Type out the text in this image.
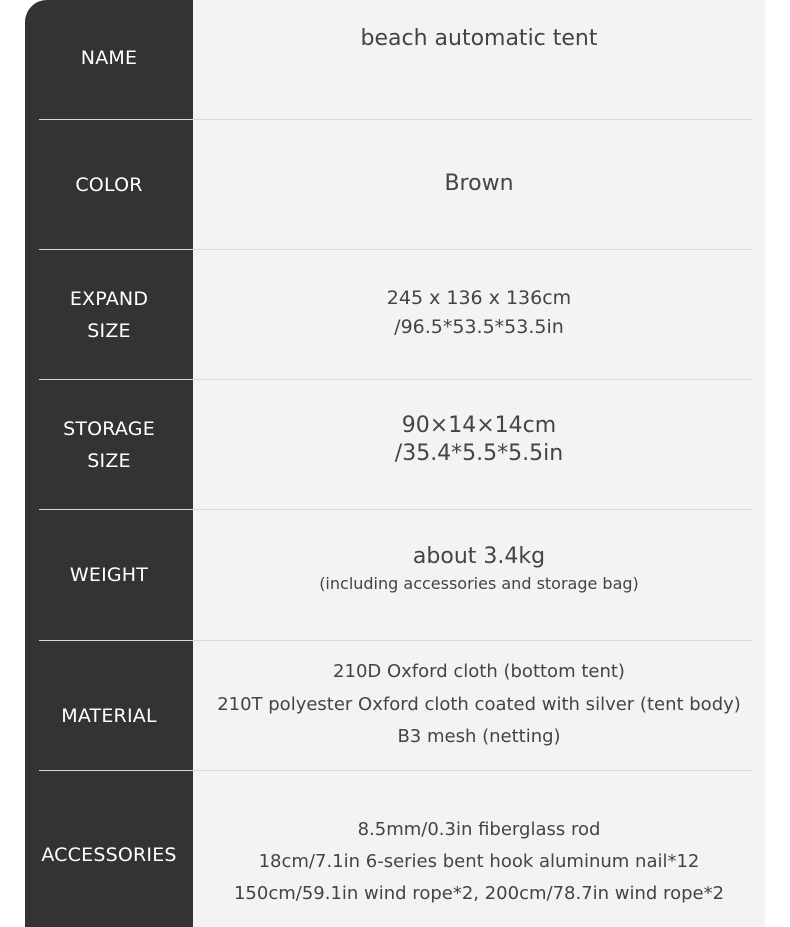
NAME
beach automatic tent
COLOR	Brown
EXPAND
SIZE
245 x 136 x 136cm
/96.5*53.5*53.5in
STORAGE
SIZE
90×14×14cm
/35.4*5.5*5.5in
WEIGHT
about 3.4kg
(including accessories and storage bag)
MATERIAL
210D Oxford cloth (bottom tent)
210T polyester Oxford cloth coated with silver (tent body)
B3 mesh (netting)
ACCESSORIES
8.5mm/0.3in fiberglass rod
18cm/7.1in 6-series bent hook aluminum nail*12
150cm/59.1in wind rope*2, 200cm/78.7in wind rope*2
